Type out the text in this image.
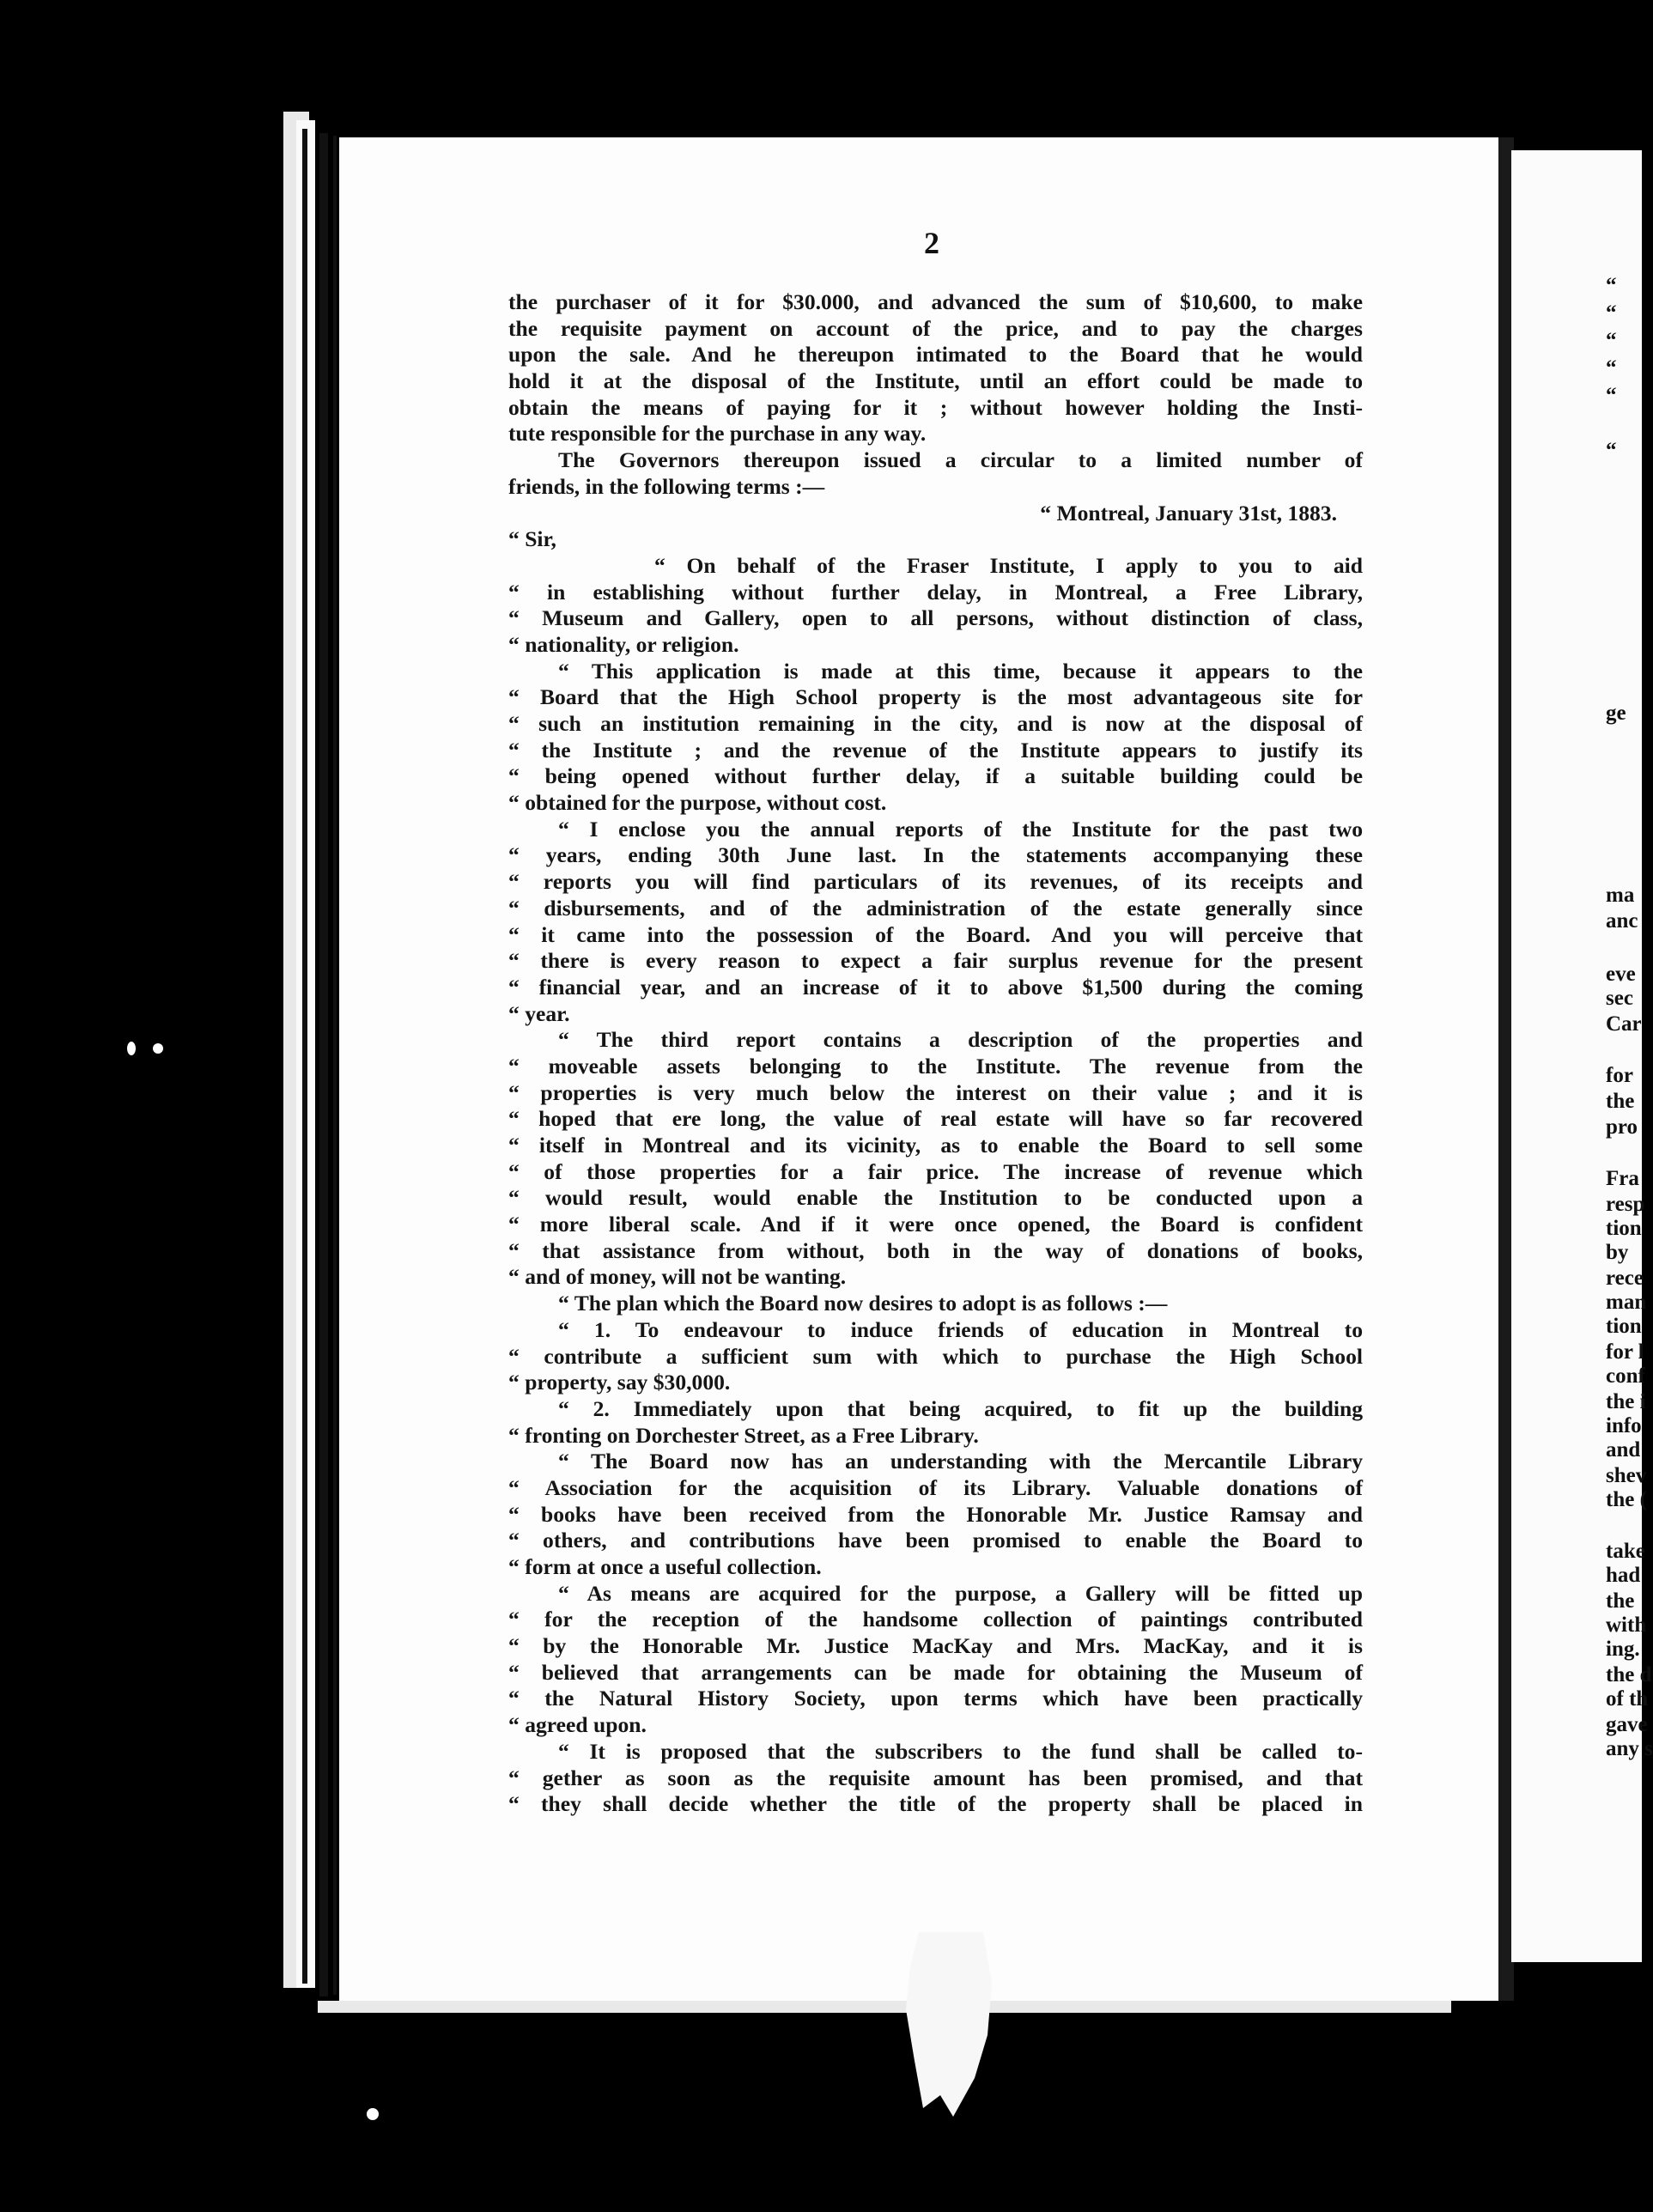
“
“
“
“
“
“
ge
ma
anc
eve
sec
Car
for
the
pro
Fra
resp
tion
by
rece
man
tion
for l
conf
the i
info
and
shev
the (
take
had
the
with
ing.
the d
of th
gave
any s
2
the purchaser of it for $30.000, and advanced the sum of $10,600, to make
the requisite payment on account of the price, and to pay the charges
upon the sale. And he thereupon intimated to the Board that he would
hold it at the disposal of the Institute, until an effort could be made to
obtain the means of paying for it ; without however holding the Insti-
tute responsible for the purchase in any way.
The Governors thereupon issued a circular to a limited number of
friends, in the following terms :—
“ Montreal, January 31st, 1883.
“ Sir,
“ On behalf of the Fraser Institute, I apply to you to aid
“ in establishing without further delay, in Montreal, a Free Library,
“ Museum and Gallery, open to all persons, without distinction of class,
“ nationality, or religion.
“ This application is made at this time, because it appears to the
“ Board that the High School property is the most advantageous site for
“ such an institution remaining in the city, and is now at the disposal of
“ the Institute ; and the revenue of the Institute appears to justify its
“ being opened without further delay, if a suitable building could be
“ obtained for the purpose, without cost.
“ I enclose you the annual reports of the Institute for the past two
“ years, ending 30th June last. In the statements accompanying these
“ reports you will find particulars of its revenues, of its receipts and
“ disbursements, and of the administration of the estate generally since
“ it came into the possession of the Board. And you will perceive that
“ there is every reason to expect a fair surplus revenue for the present
“ financial year, and an increase of it to above $1,500 during the coming
“ year.
“ The third report contains a description of the properties and
“ moveable assets belonging to the Institute. The revenue from the
“ properties is very much below the interest on their value ; and it is
“ hoped that ere long, the value of real estate will have so far recovered
“ itself in Montreal and its vicinity, as to enable the Board to sell some
“ of those properties for a fair price. The increase of revenue which
“ would result, would enable the Institution to be conducted upon a
“ more liberal scale. And if it were once opened, the Board is confident
“ that assistance from without, both in the way of donations of books,
“ and of money, will not be wanting.
“ The plan which the Board now desires to adopt is as follows :—
“ 1. To endeavour to induce friends of education in Montreal to
“ contribute a sufficient sum with which to purchase the High School
“ property, say $30,000.
“ 2. Immediately upon that being acquired, to fit up the building
“ fronting on Dorchester Street, as a Free Library.
“ The Board now has an understanding with the Mercantile Library
“ Association for the acquisition of its Library. Valuable donations of
“ books have been received from the Honorable Mr. Justice Ramsay and
“ others, and contributions have been promised to enable the Board to
“ form at once a useful collection.
“ As means are acquired for the purpose, a Gallery will be fitted up
“ for the reception of the handsome collection of paintings contributed
“ by the Honorable Mr. Justice MacKay and Mrs. MacKay, and it is
“ believed that arrangements can be made for obtaining the Museum of
“ the Natural History Society, upon terms which have been practically
“ agreed upon.
“ It is proposed that the subscribers to the fund shall be called to-
“ gether as soon as the requisite amount has been promised, and that
“ they shall decide whether the title of the property shall be placed in
